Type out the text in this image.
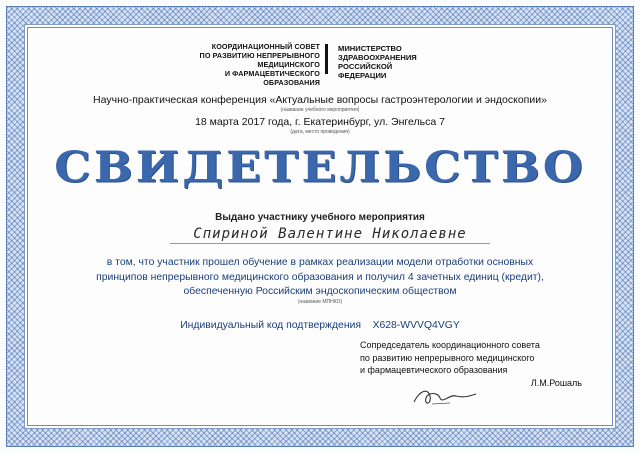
КООРДИНАЦИОННЫЙ СОВЕТ
ПО РАЗВИТИЮ НЕПРЕРЫВНОГО
МЕДИЦИНСКОГО
И ФАРМАЦЕВТИЧЕСКОГО
ОБРАЗОВАНИЯ
МИНИСТЕРСТВО
ЗДРАВООХРАНЕНИЯ
РОССИЙСКОЙ
ФЕДЕРАЦИИ
Научно-практическая конференция «Актуальные вопросы гастроэнтерологии и эндоскопии»
(название учебного мероприятия)
18 марта 2017 года, г. Екатеринбург, ул. Энгельса 7
(дата, место проведения)
СВИДЕТЕЛЬСТВО
Выдано участнику учебного мероприятия
Спириной Валентине Николаевне
в том, что участник прошел обучение в рамках реализации модели отработки основных
принципов непрерывного медицинского образования и получил 4 зачетных единиц (кредит),
обеспеченную Российским эндоскопическим обществом
(название МПНКО)
Индивидуальный код подтверждения X628-WVVQ4VGY
Сопредседатель координационного совета
по развитию непрерывного медицинского
и фармацевтического образования
Л.М.Рошаль
